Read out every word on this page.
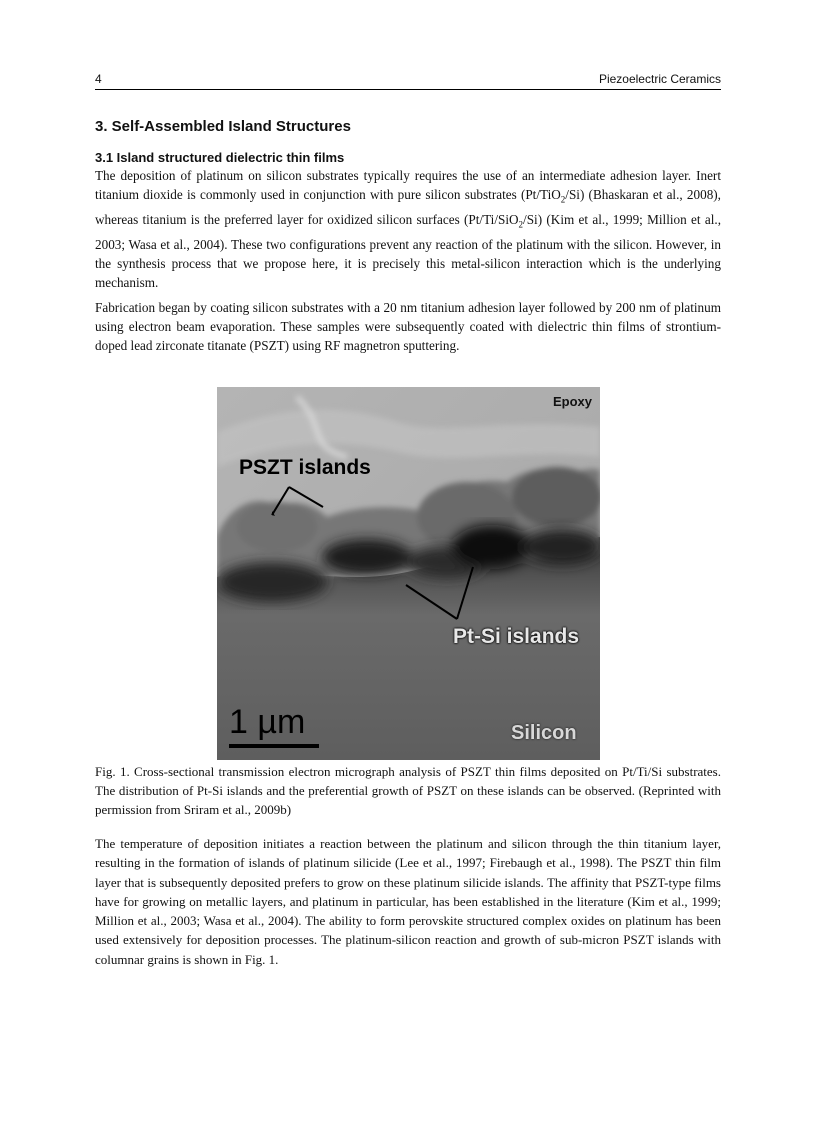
4	Piezoelectric Ceramics
3. Self-Assembled Island Structures
3.1 Island structured dielectric thin films

The deposition of platinum on silicon substrates typically requires the use of an intermediate adhesion layer. Inert titanium dioxide is commonly used in conjunction with pure silicon substrates (Pt/TiO$_2$/Si) (Bhaskaran et al., 2008), whereas titanium is the preferred layer for oxidized silicon surfaces (Pt/Ti/SiO$_2$/Si) (Kim et al., 1999; Million et al., 2003; Wasa et al., 2004). These two configurations prevent any reaction of the platinum with the silicon. However, in the synthesis process that we propose here, it is precisely this metal-silicon interaction which is the underlying mechanism.

Fabrication began by coating silicon substrates with a 20 nm titanium adhesion layer followed by 200 nm of platinum using electron beam evaporation. These samples were subsequently coated with dielectric thin films of strontium-doped lead zirconate titanate (PSZT) using RF magnetron sputtering.

Epoxy
PSZT islands
Pt-Si islands
1 µm	Silicon

Fig. 1. Cross-sectional transmission electron micrograph analysis of PSZT thin films deposited on Pt/Ti/Si substrates. The distribution of Pt-Si islands and the preferential growth of PSZT on these islands can be observed. (Reprinted with permission from Sriram et al., 2009b)

The temperature of deposition initiates a reaction between the platinum and silicon through the thin titanium layer, resulting in the formation of islands of platinum silicide (Lee et al., 1997; Firebaugh et al., 1998). The PSZT thin film layer that is subsequently deposited prefers to grow on these platinum silicide islands. The affinity that PSZT-type films have for growing on metallic layers, and platinum in particular, has been established in the literature (Kim et al., 1999; Million et al., 2003; Wasa et al., 2004). The ability to form perovskite structured complex oxides on platinum has been used extensively for deposition processes. The platinum-silicon reaction and growth of sub-micron PSZT islands with columnar grains is shown in Fig. 1.
